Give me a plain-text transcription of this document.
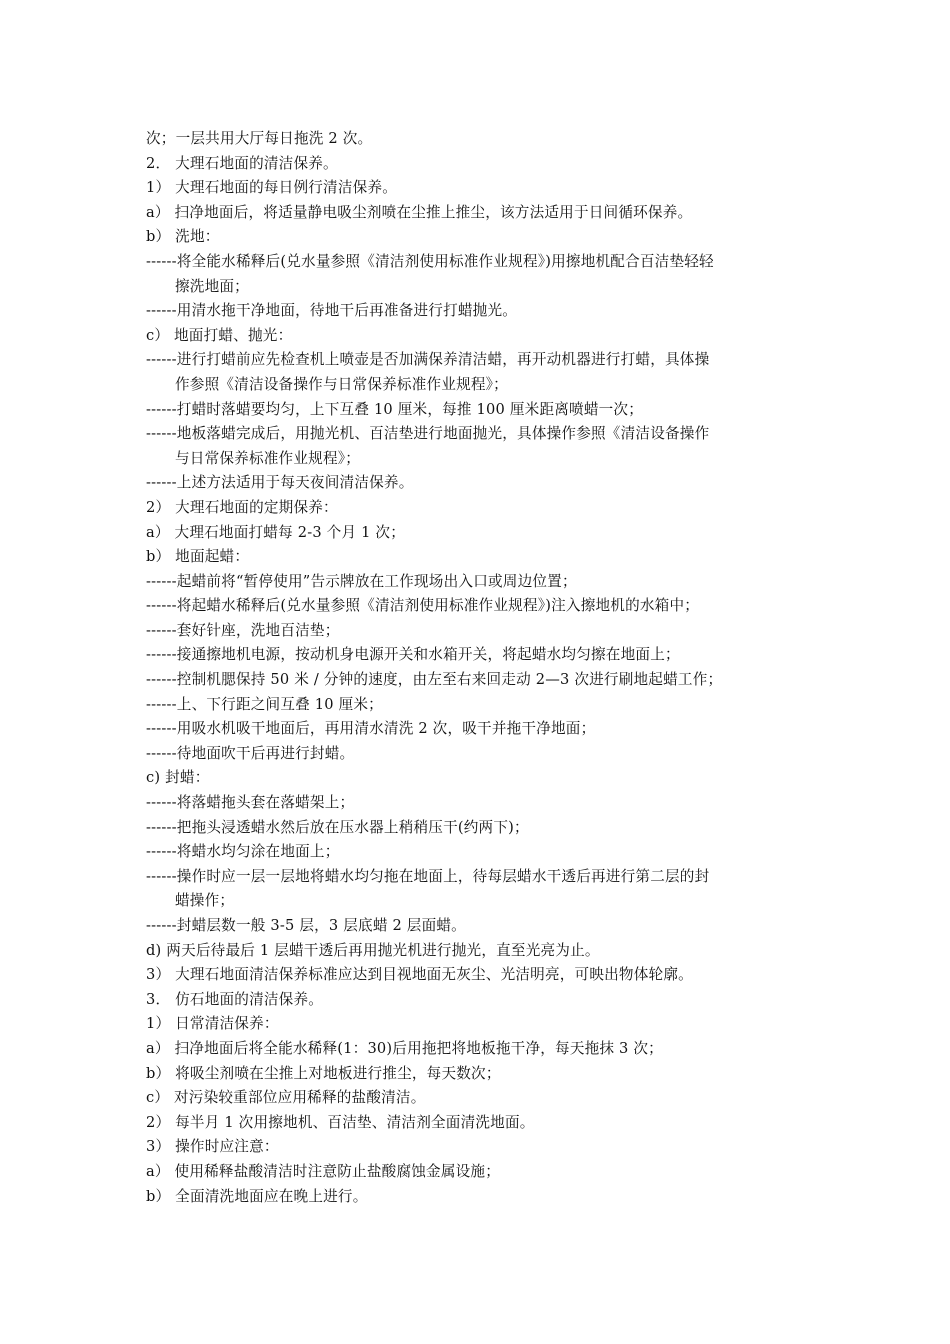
次；一层共用大厅每日拖洗 2 次。
2． 大理石地面的清洁保养。
1） 大理石地面的每日例行清洁保养。
a） 扫净地面后，将适量静电吸尘剂喷在尘推上推尘，该方法适用于日间循环保养。
b） 洗地：
------将全能水稀释后(兑水量参照《清洁剂使用标准作业规程》)用擦地机配合百洁垫轻轻
擦洗地面；
------用清水拖干净地面，待地干后再准备进行打蜡抛光。
c） 地面打蜡、抛光：
------进行打蜡前应先检查机上喷壶是否加满保养清洁蜡，再开动机器进行打蜡，具体操
作参照《清洁设备操作与日常保养标准作业规程》；
------打蜡时落蜡要均匀，上下互叠 10 厘米，每推 100 厘米距离喷蜡一次；
------地板落蜡完成后，用抛光机、百洁垫进行地面抛光，具体操作参照《清洁设备操作
与日常保养标准作业规程》；
------上述方法适用于每天夜间清洁保养。
2） 大理石地面的定期保养：
a） 大理石地面打蜡每 2-3 个月 1 次；
b） 地面起蜡：
------起蜡前将“暂停使用”告示牌放在工作现场出入口或周边位置；
------将起蜡水稀释后(兑水量参照《清洁剂使用标准作业规程》)注入擦地机的水箱中；
------套好针座，洗地百洁垫；
------接通擦地机电源，按动机身电源开关和水箱开关，将起蜡水均匀擦在地面上；
------控制机腮保持 50 米 / 分钟的速度，由左至右来回走动 2—3 次进行刷地起蜡工作；
------上、下行距之间互叠 10 厘米；
------用吸水机吸干地面后，再用清水清洗 2 次，吸干并拖干净地面；
------待地面吹干后再进行封蜡。
c) 封蜡：
------将落蜡拖头套在落蜡架上；
------把拖头浸透蜡水然后放在压水器上稍稍压干(约两下)；
------将蜡水均匀涂在地面上；
------操作时应一层一层地将蜡水均匀拖在地面上，待每层蜡水干透后再进行第二层的封
蜡操作；
------封蜡层数一般 3-5 层，3 层底蜡 2 层面蜡。
d) 两天后待最后 1 层蜡干透后再用抛光机进行抛光，直至光亮为止。
3） 大理石地面清洁保养标准应达到目视地面无灰尘、光洁明亮，可映出物体轮廓。
3． 仿石地面的清洁保养。
1） 日常清洁保养：
a） 扫净地面后将全能水稀释(1：30)后用拖把将地板拖干净，每天拖抹 3 次；
b） 将吸尘剂喷在尘推上对地板进行推尘，每天数次；
c） 对污染较重部位应用稀释的盐酸清洁。
2） 每半月 1 次用擦地机、百洁垫、清洁剂全面清洗地面。
3） 操作时应注意：
a） 使用稀释盐酸清洁时注意防止盐酸腐蚀金属设施；
b） 全面清洗地面应在晚上进行。
